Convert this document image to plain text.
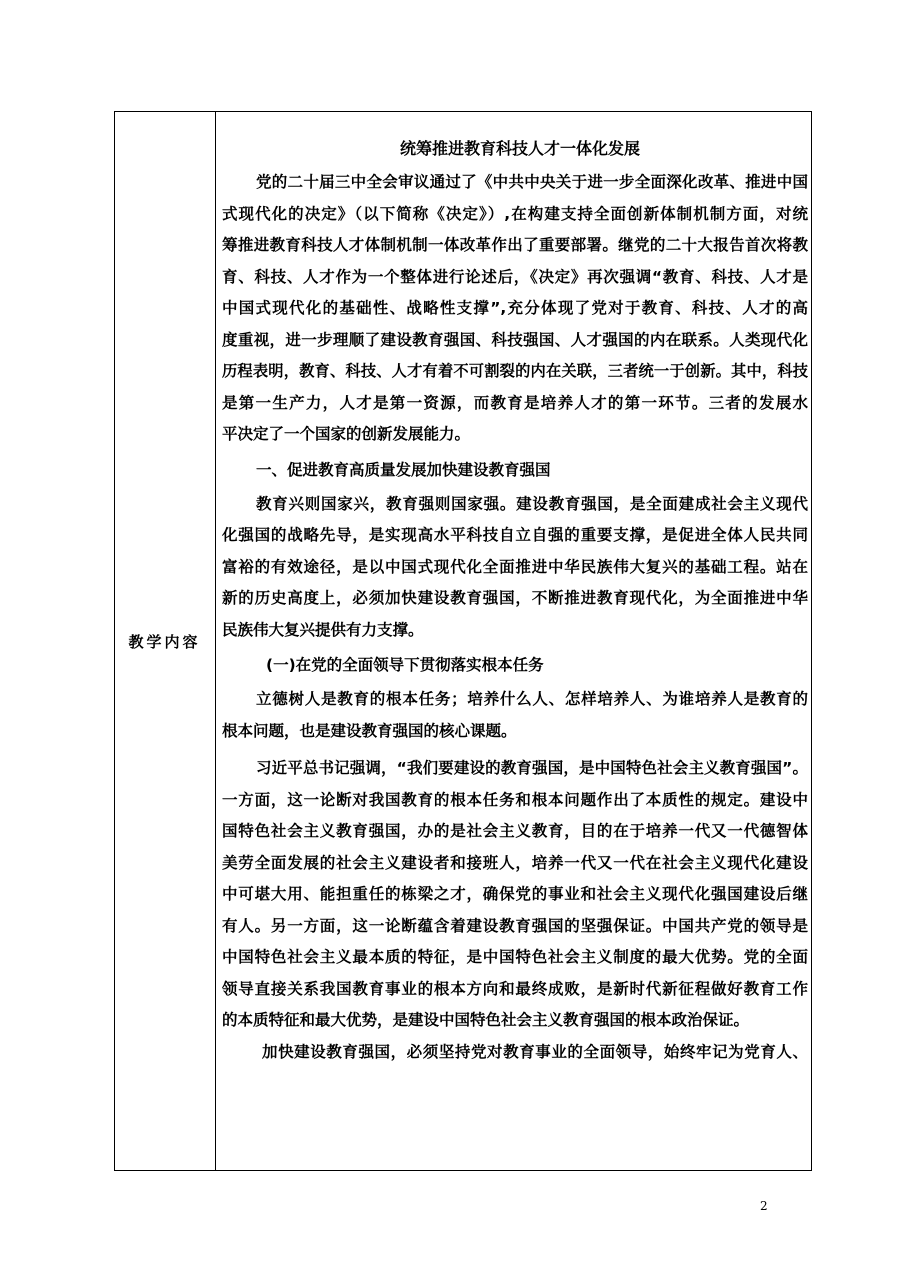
教学内容
统筹推进教育科技人才一体化发展
党的二十届三中全会审议通过了《中共中央关于进一步全面深化改革、推进中国
式现代化的决定》（以下简称《决定》）,在构建支持全面创新体制机制方面，对统
筹推进教育科技人才体制机制一体改革作出了重要部署。继党的二十大报告首次将教
育、科技、人才作为一个整体进行论述后，《决定》再次强调“教育、科技、人才是
中国式现代化的基础性、战略性支撑”,充分体现了党对于教育、科技、人才的高
度重视，进一步理顺了建设教育强国、科技强国、人才强国的内在联系。人类现代化
历程表明，教育、科技、人才有着不可割裂的内在关联，三者统一于创新。其中，科技
是第一生产力，人才是第一资源，而教育是培养人才的第一环节。三者的发展水
平决定了一个国家的创新发展能力。
一、促进教育高质量发展加快建设教育强国
教育兴则国家兴，教育强则国家强。建设教育强国，是全面建成社会主义现代
化强国的战略先导，是实现高水平科技自立自强的重要支撑，是促进全体人民共同
富裕的有效途径，是以中国式现代化全面推进中华民族伟大复兴的基础工程。站在
新的历史高度上，必须加快建设教育强国，不断推进教育现代化，为全面推进中华
民族伟大复兴提供有力支撑。
(一)在党的全面领导下贯彻落实根本任务
立德树人是教育的根本任务；培养什么人、怎样培养人、为谁培养人是教育的
根本问题，也是建设教育强国的核心课题。
习近平总书记强调，“我们要建设的教育强国，是中国特色社会主义教育强国”。
一方面，这一论断对我国教育的根本任务和根本问题作出了本质性的规定。建设中
国特色社会主义教育强国，办的是社会主义教育，目的在于培养一代又一代德智体
美劳全面发展的社会主义建设者和接班人，培养一代又一代在社会主义现代化建设
中可堪大用、能担重任的栋梁之才，确保党的事业和社会主义现代化强国建设后继
有人。另一方面，这一论断蕴含着建设教育强国的坚强保证。中国共产党的领导是
中国特色社会主义最本质的特征，是中国特色社会主义制度的最大优势。党的全面
领导直接关系我国教育事业的根本方向和最终成败，是新时代新征程做好教育工作
的本质特征和最大优势，是建设中国特色社会主义教育强国的根本政治保证。
加快建设教育强国，必须坚持党对教育事业的全面领导，始终牢记为党育人、
2
